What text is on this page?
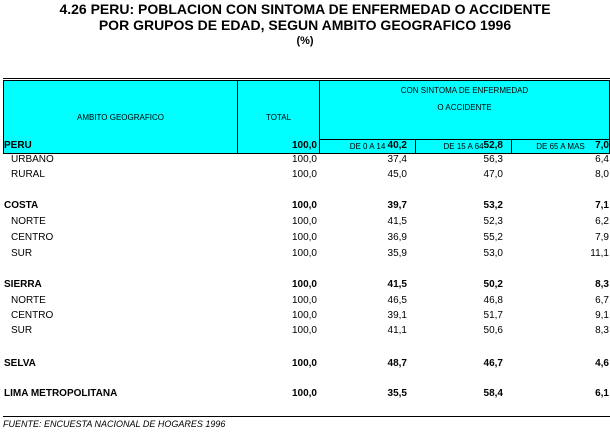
4.26 PERU: POBLACION CON SINTOMA DE ENFERMEDAD O ACCIDENTE
POR GRUPOS DE EDAD, SEGUN AMBITO GEOGRAFICO 1996
(%)
AMBITO GEOGRAFICO	TOTAL
CON SINTOMA DE ENFERMEDAD
O ACCIDENTE
DE 0 A 14	DE 15 A 64	DE 65 A MAS
PERU	100,0	40,2	52,8	7,0
URBANO	100,0	37,4	56,3	6,4
RURAL	100,0	45,0	47,0	8,0
COSTA	100,0	39,7	53,2	7,1
NORTE	100,0	41,5	52,3	6,2
CENTRO	100,0	36,9	55,2	7,9
SUR	100,0	35,9	53,0	11,1
SIERRA	100,0	41,5	50,2	8,3
NORTE	100,0	46,5	46,8	6,7
CENTRO	100,0	39,1	51,7	9,1
SUR	100,0	41,1	50,6	8,3
SELVA	100,0	48,7	46,7	4,6
LIMA METROPOLITANA	100,0	35,5	58,4	6,1
FUENTE: ENCUESTA NACIONAL DE HOGARES 1996
